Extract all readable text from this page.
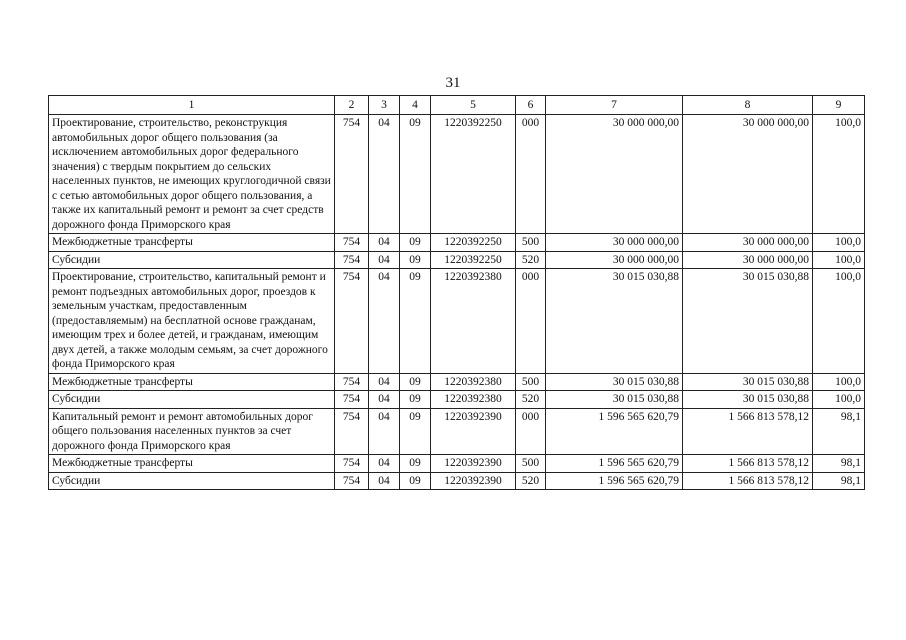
31
1	2	3	4	5	6	7	8	9
Проектирование, строительство, реконструкция автомобильных дорог общего пользования (за исключением автомобильных дорог федерального значения) с твердым покрытием до сельских населенных пунктов, не имеющих круглогодичной связи с сетью автомобильных дорог общего пользования, а также их капитальный ремонт и ремонт за счет средств дорожного фонда Приморского края	754	04	09	1220392250	000	30 000 000,00	30 000 000,00	100,0
Межбюджетные трансферты	754	04	09	1220392250	500	30 000 000,00	30 000 000,00	100,0
Субсидии	754	04	09	1220392250	520	30 000 000,00	30 000 000,00	100,0
Проектирование, строительство, капитальный ремонт и ремонт подъездных автомобильных дорог, проездов к земельным участкам, предоставленным (предоставляемым) на бесплатной основе гражданам, имеющим трех и более детей, и гражданам, имеющим двух детей, а также молодым семьям, за счет дорожного фонда Приморского края	754	04	09	1220392380	000	30 015 030,88	30 015 030,88	100,0
Межбюджетные трансферты	754	04	09	1220392380	500	30 015 030,88	30 015 030,88	100,0
Субсидии	754	04	09	1220392380	520	30 015 030,88	30 015 030,88	100,0
Капитальный ремонт и ремонт автомобильных дорог общего пользования населенных пунктов за счет дорожного фонда Приморского края	754	04	09	1220392390	000	1 596 565 620,79	1 566 813 578,12	98,1
Межбюджетные трансферты	754	04	09	1220392390	500	1 596 565 620,79	1 566 813 578,12	98,1
Субсидии	754	04	09	1220392390	520	1 596 565 620,79	1 566 813 578,12	98,1
